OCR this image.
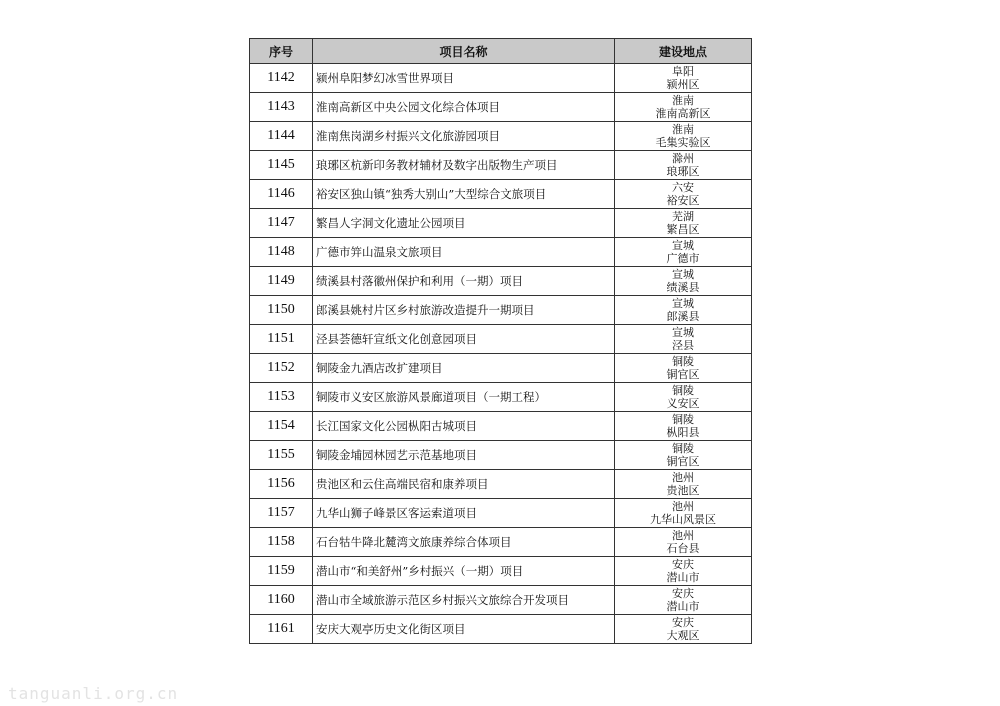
序号	项目名称	建设地点
1142	颍州阜阳梦幻冰雪世界项目	阜阳
颍州区

1143	淮南高新区中央公园文化综合体项目	淮南
淮南高新区

1144	淮南焦岗湖乡村振兴文化旅游园项目	淮南
毛集实验区

1145	琅琊区杭新印务教材辅材及数字出版物生产项目	滁州
琅琊区

1146	裕安区独山镇“独秀大别山”大型综合文旅项目	六安
裕安区

1147	繁昌人字洞文化遗址公园项目	芜湖
繁昌区

1148	广德市笄山温泉文旅项目	宣城
广德市

1149	绩溪县村落徽州保护和利用（一期）项目	宣城
绩溪县

1150	郎溪县姚村片区乡村旅游改造提升一期项目	宣城
郎溪县

1151	泾县荟德轩宣纸文化创意园项目	宣城
泾县

1152	铜陵金九酒店改扩建项目	铜陵
铜官区

1153	铜陵市义安区旅游风景廊道项目（一期工程）	铜陵
义安区

1154	长江国家文化公园枞阳古城项目	铜陵
枞阳县

1155	铜陵金埔园林园艺示范基地项目	铜陵
铜官区

1156	贵池区和云住高端民宿和康养项目	池州
贵池区

1157	九华山狮子峰景区客运索道项目	池州
九华山风景区

1158	石台牯牛降北麓湾文旅康养综合体项目	池州
石台县

1159	潜山市“和美舒州”乡村振兴（一期）项目	安庆
潜山市

1160	潜山市全域旅游示范区乡村振兴文旅综合开发项目	安庆
潜山市

1161	安庆大观亭历史文化街区项目	安庆
大观区
tanguanli.org.cn
